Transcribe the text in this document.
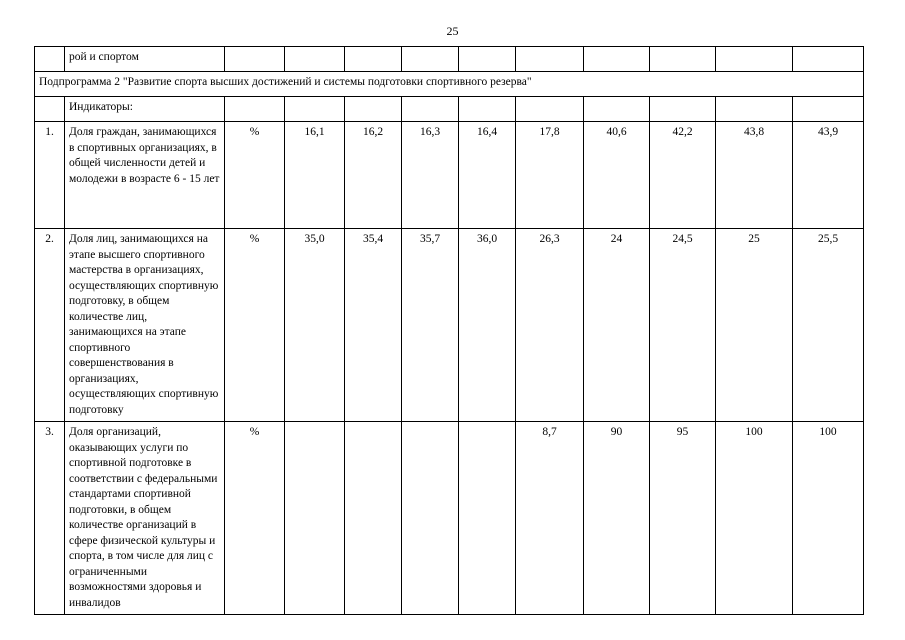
25
	рой и спортом										
Подпрограмма 2 "Развитие спорта высших достижений и системы подготовки спортивного резерва"											
	Индикаторы:										
1.	Доля граждан, занимающихся в спортивных организациях, в общей численности детей и молодежи в возрасте 6 - 15 лет	%	16,1	16,2	16,3	16,4	17,8	40,6	42,2	43,8	43,9
2.	Доля лиц, занимающихся на этапе высшего спортивного мастерства в организациях, осуществляющих спортивную подготовку, в общем количестве лиц, занимающихся на этапе спортивного совершенствования в организациях, осуществляющих спортивную подготовку	%	35,0	35,4	35,7	36,0	26,3	24	24,5	25	25,5
3.	Доля организаций, оказывающих услуги по спортивной подготовке в соответствии с федеральными стандартами спортивной подготовки, в общем количестве организаций в сфере физической культуры и спорта, в том числе для лиц с ограниченными возможностями здоровья и инвалидов	%					8,7	90	95	100	100
